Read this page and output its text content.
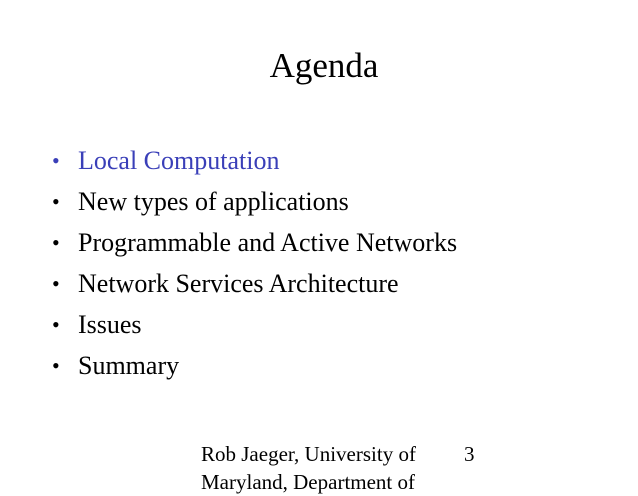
Agenda
• Local Computation
• New types of applications
• Programmable and Active Networks
• Network Services Architecture
• Issues
• Summary
Rob Jaeger, University of
Maryland, Department of
3
